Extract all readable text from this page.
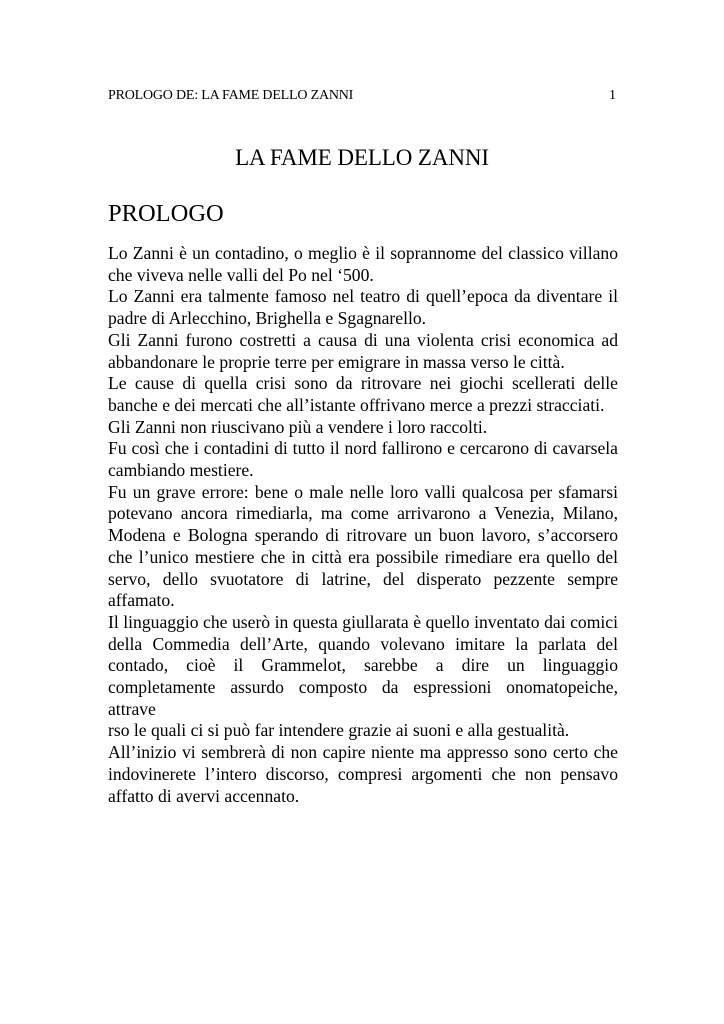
PROLOGO DE: LA FAME DELLO ZANNI	1
LA FAME DELLO ZANNI
PROLOGO

Lo Zanni è un contadino, o meglio è il soprannome del classico villano che viveva nelle valli del Po nel ‘500.

Lo Zanni era talmente famoso nel teatro di quell’epoca da diventare il padre di Arlecchino, Brighella e Sgagnarello.

Gli Zanni furono costretti a causa di una violenta crisi economica ad abbandonare le proprie terre per emigrare in massa verso le città.

Le cause di quella crisi sono da ritrovare nei giochi scellerati delle banche e dei mercati che all’istante offrivano merce a prezzi stracciati.

Gli Zanni non riuscivano più a vendere i loro raccolti.

Fu così che i contadini di tutto il nord fallirono e cercarono di cavarsela cambiando mestiere.

Fu un grave errore: bene o male nelle loro valli qualcosa per sfamarsi potevano ancora rimediarla, ma come arrivarono a Venezia, Milano, Modena e Bologna sperando di ritrovare un buon lavoro, s’accorsero che l’unico mestiere che in città era possibile rimediare era quello del servo, dello svuotatore di latrine, del disperato pezzente sempre affamato.

Il linguaggio che userò in questa giullarata è quello inventato dai comici della Commedia dell’Arte, quando volevano imitare la parlata del contado, cioè il Grammelot, sarebbe a dire un linguaggio completamente assurdo composto da espressioni onomatopeiche, attrave

rso le quali ci si può far intendere grazie ai suoni e alla gestualità.

All’inizio vi sembrerà di non capire niente ma appresso sono certo che indovinerete l’intero discorso, compresi argomenti che non pensavo affatto di avervi accennato.
